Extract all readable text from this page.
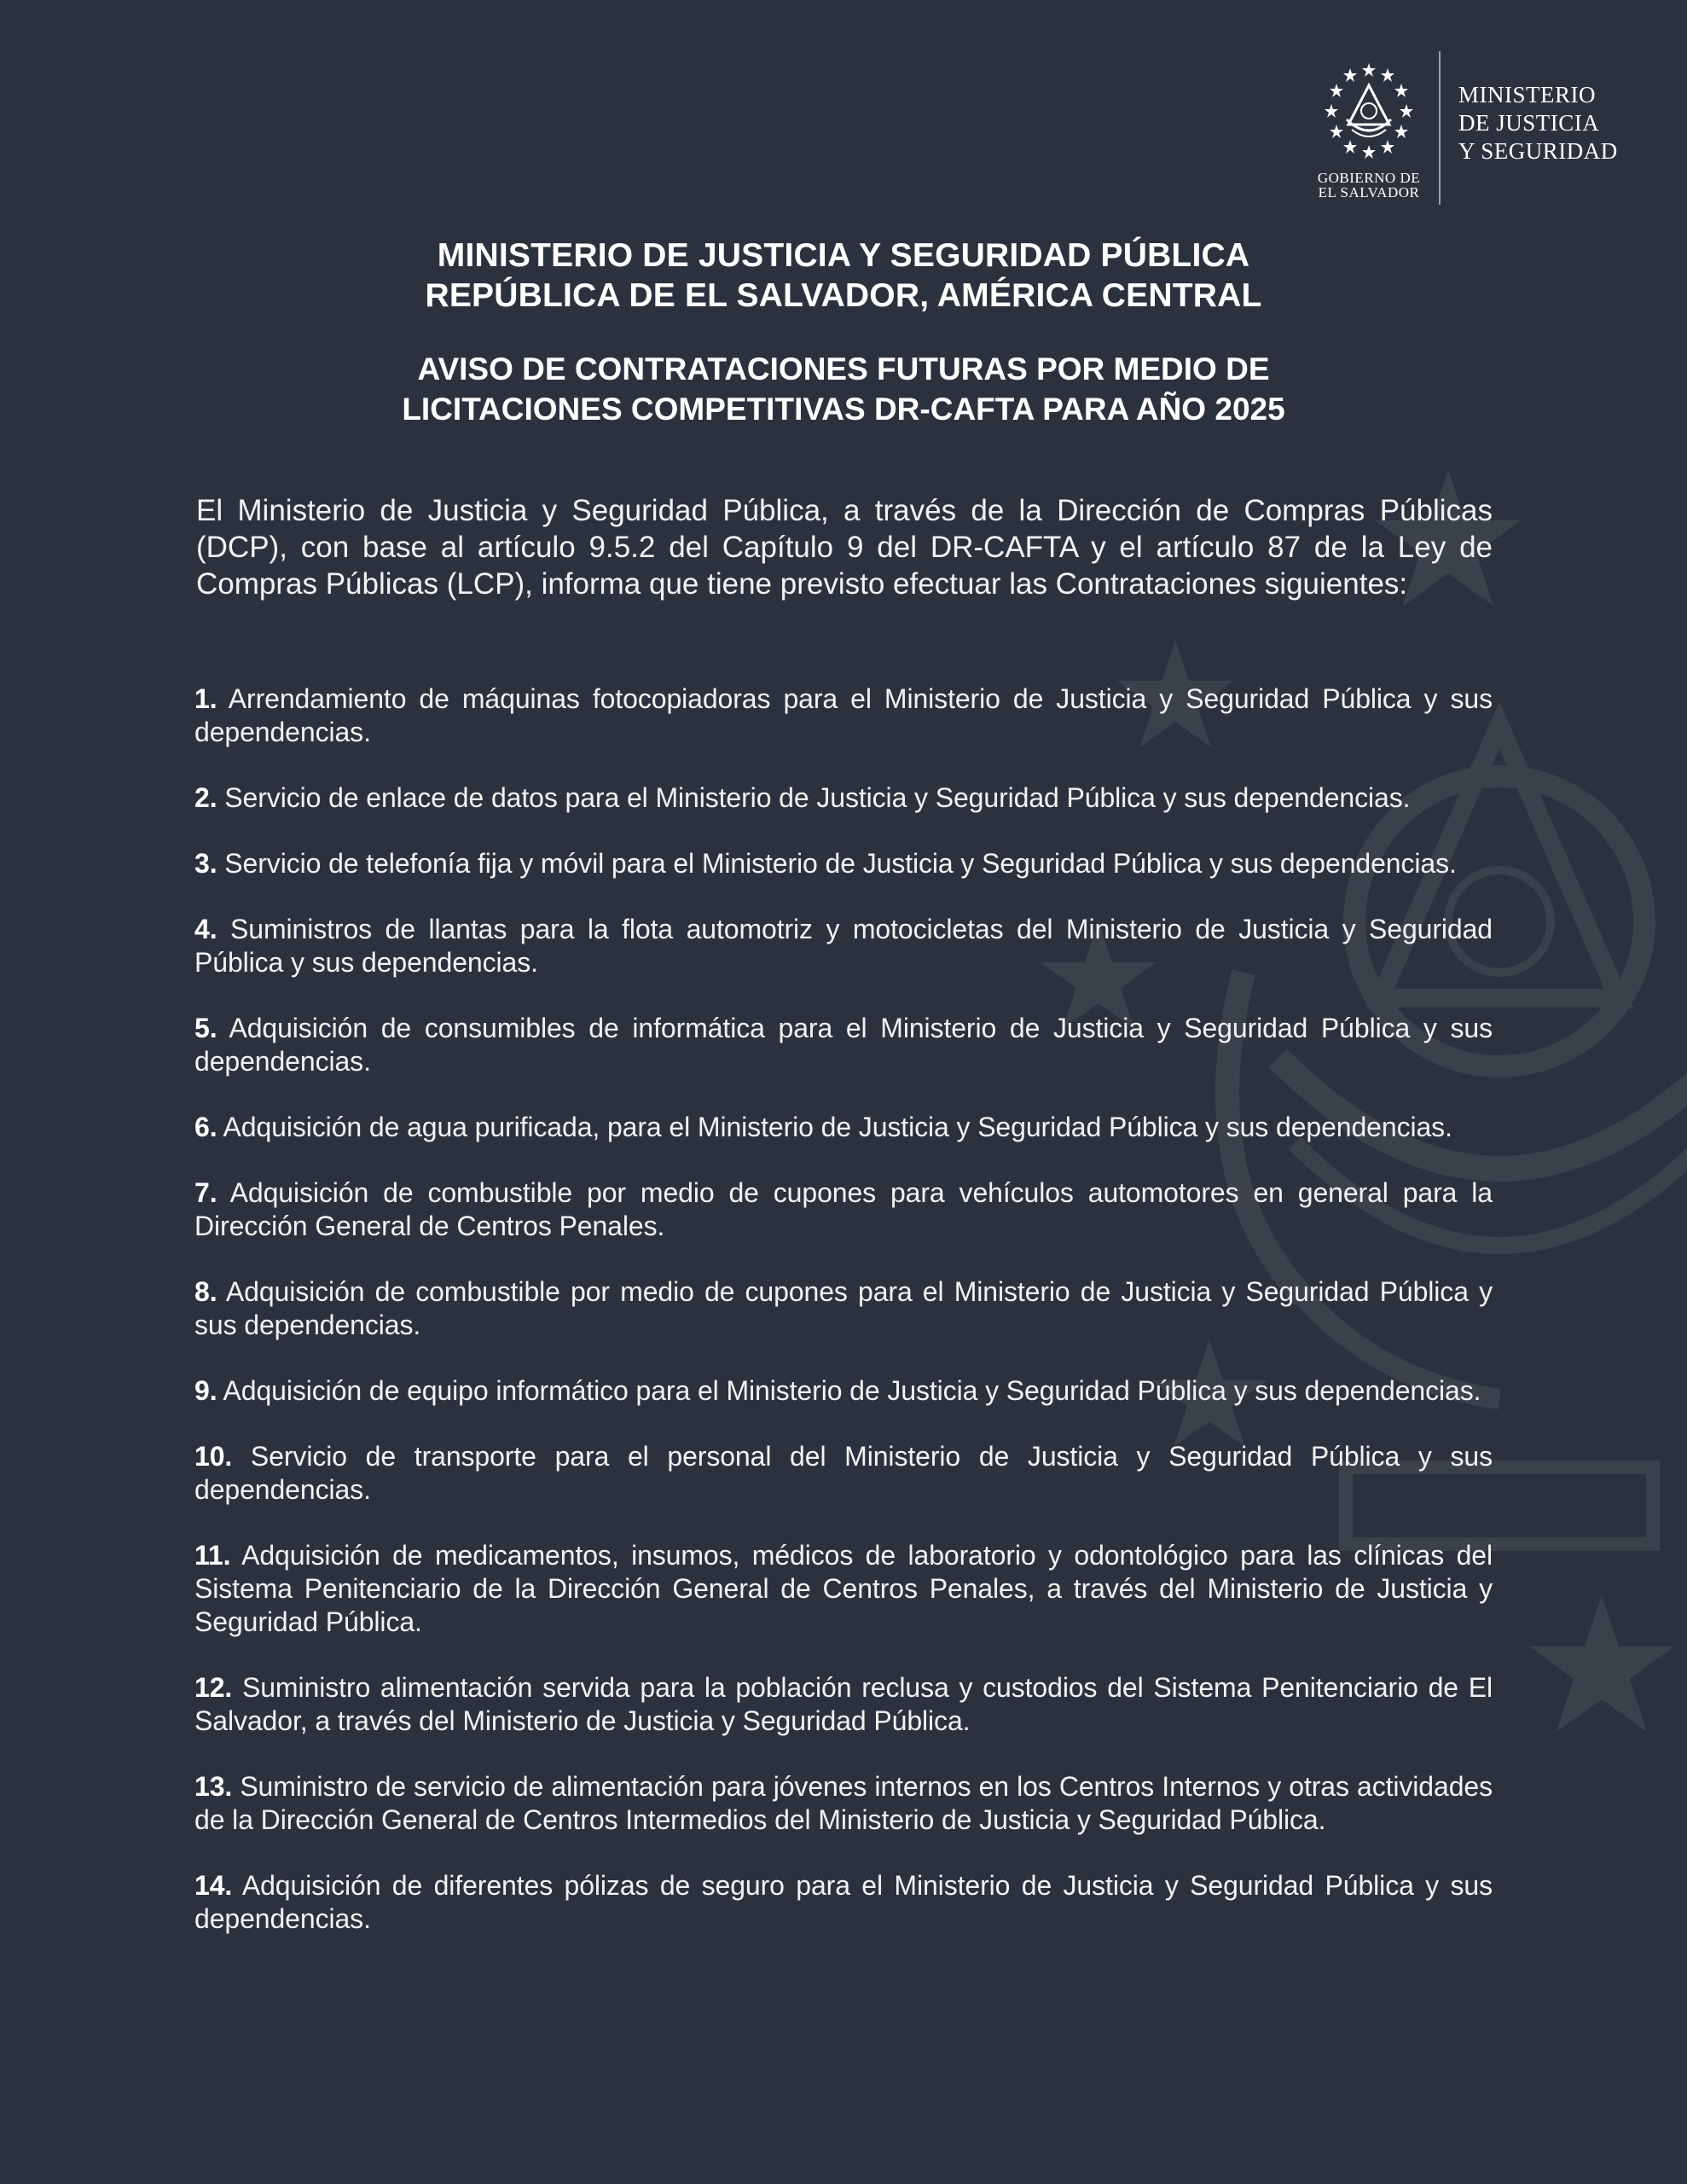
GOBIERNO DE
EL SALVADOR
MINISTERIO
DE JUSTICIA
Y SEGURIDAD
MINISTERIO DE JUSTICIA Y SEGURIDAD PÚBLICA
REPÚBLICA DE EL SALVADOR, AMÉRICA CENTRAL
AVISO DE CONTRATACIONES FUTURAS POR MEDIO DE
LICITACIONES COMPETITIVAS DR-CAFTA PARA AÑO 2025
El Ministerio de Justicia y Seguridad Pública, a través de la Dirección de Compras Públicas (DCP), con base al artículo 9.5.2 del Capítulo 9 del DR-CAFTA y el artículo 87 de la Ley de Compras Públicas (LCP), informa que tiene previsto efectuar las Contrataciones siguientes:
1. Arrendamiento de máquinas fotocopiadoras para el Ministerio de Justicia y Seguridad Pública y sus dependencias.
2. Servicio de enlace de datos para el Ministerio de Justicia y Seguridad Pública y sus dependencias.
3. Servicio de telefonía fija y móvil para el Ministerio de Justicia y Seguridad Pública y sus dependencias.
4. Suministros de llantas para la flota automotriz y motocicletas del Ministerio de Justicia y Seguridad Pública y sus dependencias.
5. Adquisición de consumibles de informática para el Ministerio de Justicia y Seguridad Pública y sus dependencias.
6. Adquisición de agua purificada, para el Ministerio de Justicia y Seguridad Pública y sus dependencias.
7. Adquisición de combustible por medio de cupones para vehículos automotores en general para la Dirección General de Centros Penales.
8. Adquisición de combustible por medio de cupones para el Ministerio de Justicia y Seguridad Pública y sus dependencias.
9. Adquisición de equipo informático para el Ministerio de Justicia y Seguridad Pública y sus dependencias.
10. Servicio de transporte para el personal del Ministerio de Justicia y Seguridad Pública y sus dependencias.
11. Adquisición de medicamentos, insumos, médicos de laboratorio y odontológico para las clínicas del Sistema Penitenciario de la Dirección General de Centros Penales, a través del Ministerio de Justicia y Seguridad Pública.
12. Suministro alimentación servida para la población reclusa y custodios del Sistema Penitenciario de El Salvador, a través del Ministerio de Justicia y Seguridad Pública.
13. Suministro de servicio de alimentación para jóvenes internos en los Centros Internos y otras actividades de la Dirección General de Centros Intermedios del Ministerio de Justicia y Seguridad Pública.
14. Adquisición de diferentes pólizas de seguro para el Ministerio de Justicia y Seguridad Pública y sus dependencias.
